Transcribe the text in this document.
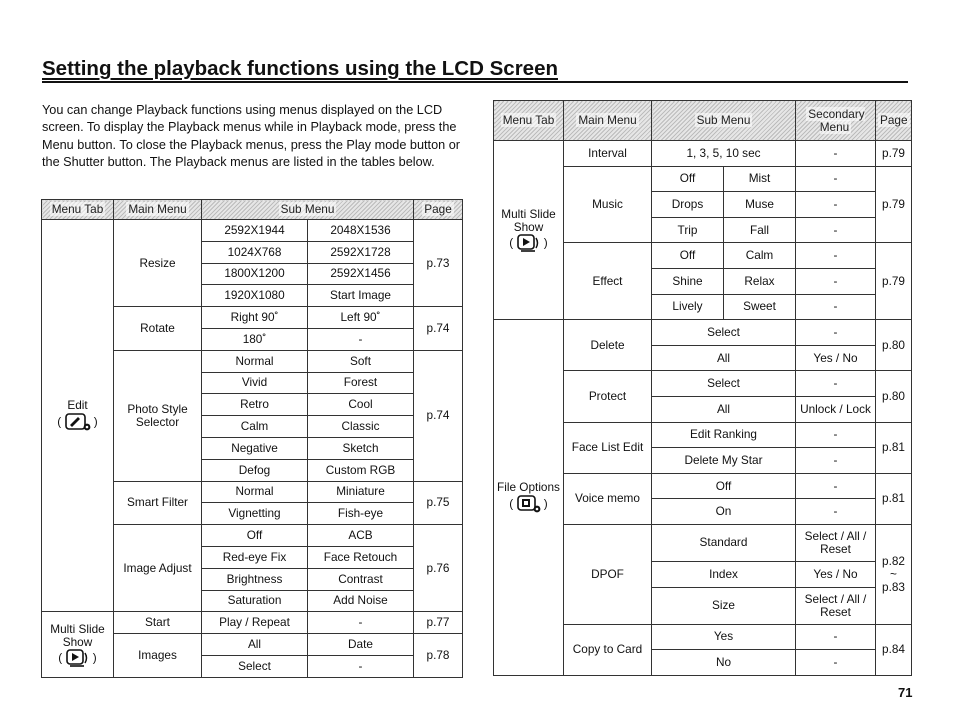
Setting the playback functions using the LCD Screen

You can change Playback functions using menus displayed on the LCD screen. To display the Playback menus while in Playback mode, press the Menu button. To close the Playback menus, press the Play mode button or the Shutter button. The Playback menus are listed in the tables below.

Menu Tab	Main Menu	Sub Menu		Page

Edit
(
)	Resize	2592X1944	2048X1536	p.73
		1024X768	2592X1728	
		1800X1200	2592X1456	
		1920X1080	Start Image	
	Rotate	Right 90˚	Left 90˚	p.74
		180˚	-	
	Photo Style Selector	Normal	Soft	p.74
		Vivid	Forest	
		Retro	Cool	
		Calm	Classic	
		Negative	Sketch	
		Defog	Custom RGB	
	Smart Filter	Normal	Miniature	p.75
		Vignetting	Fish-eye	
	Image Adjust	Off	ACB	p.76
		Red-eye Fix	Face Retouch	
		Brightness	Contrast	
		Saturation	Add Noise	

Multi Slide Show
(
)	Start	Play / Repeat	-	p.77
	Images	All	Date	p.78
		Select	-	
Menu Tab	Main Menu	Sub Menu		Secondary Menu	Page

Multi Slide Show
(
)	Interval	1, 3, 5, 10 sec		-	p.79
	Music	Off	Mist	-	p.79
		Drops	Muse	-	
		Trip	Fall	-	
	Effect	Off	Calm	-	p.79
		Shine	Relax	-	
		Lively	Sweet	-	

File Options
(
)	Delete	Select		-	p.80
		All		Yes / No	
	Protect	Select		-	p.80
		All		Unlock / Lock	
	Face List Edit	Edit Ranking		-	p.81
		Delete My Star		-	
	Voice memo	Off		-	p.81
		On		-	
	DPOF	Standard		Select / All / Reset	p.82
~
p.83

		Index		Yes / No	
		Size		Select / All / Reset	
	Copy to Card	Yes		-	p.84
		No		-	
71
